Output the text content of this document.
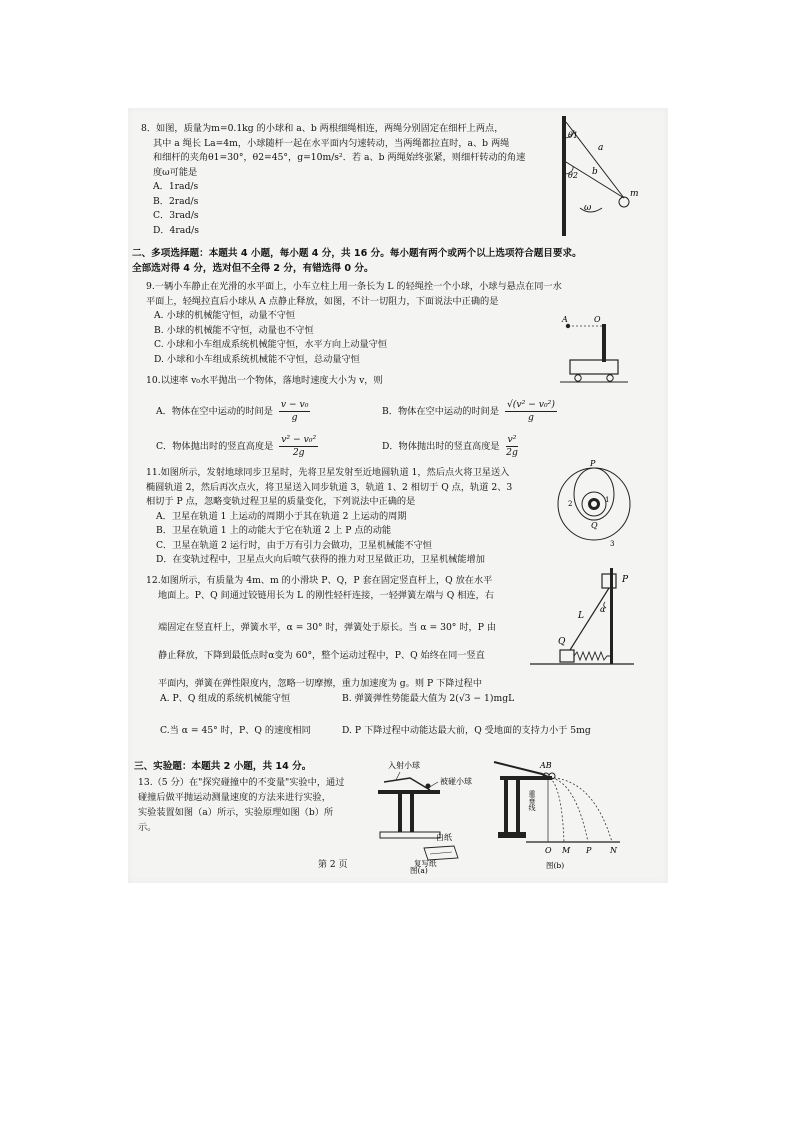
8．如图，质量为m=0.1kg 的小球和 a、b 两根细绳相连，两绳分别固定在细杆上两点，
其中 a 绳长 La=4m，小球随杆一起在水平面内匀速转动，当两绳都拉直时，a、b 两绳
和细杆的夹角θ1=30°，θ2=45°，g=10m/s²．若 a、b 两绳始终张紧，则细杆转动的角速
度ω可能是
A．1rad/s
B．2rad/s
C．3rad/s
D．4rad/s
θ1
θ2
a
b
m
ω
二、多项选择题：本题共 4 小题，每小题 4 分，共 16 分。每小题有两个或两个以上选项符合题目要求。
全部选对得 4 分，选对但不全得 2 分，有错选得 0 分。
9.一辆小车静止在光滑的水平面上，小车立柱上用一条长为 L 的轻绳拴一个小球，小球与悬点在同一水
平面上，轻绳拉直后小球从 A 点静止释放，如图，不计一切阻力，下面说法中正确的是
A. 小球的机械能守恒，动量不守恒
B. 小球的机械能不守恒，动量也不守恒
C. 小球和小车组成系统机械能守恒，水平方向上动量守恒
D. 小球和小车组成系统机械能不守恒，总动量守恒
A	O
10.以速率 v₀水平抛出一个物体，落地时速度大小为 v，则
A．物体在空中运动的时间是 $\frac{\text{v − v₀}}{g}$	B．物体在空中运动的时间是 $\frac{\text{√(v² − v₀²)}}{g}$
C．物体抛出时的竖直高度是 $\frac{\text{v² − v₀²}}{2g}$	D．物体抛出时的竖直高度是 $\frac{\text{v²}}{2g}$
11.如图所示，发射地球同步卫星时，先将卫星发射至近地圆轨道 1，然后点火将卫星送入
椭圆轨道 2，然后再次点火，将卫星送入同步轨道 3，轨道 1、2 相切于 Q 点，轨道 2、3
相切于 P 点，忽略变轨过程卫星的质量变化，下列说法中正确的是
A．卫星在轨道 1 上运动的周期小于其在轨道 2 上运动的周期
B．卫星在轨道 1 上的动能大于它在轨道 2 上 P 点的动能
C．卫星在轨道 2 运行时，由于万有引力会做功，卫星机械能不守恒
D．在变轨过程中，卫星点火向后喷气获得的推力对卫星做正功，卫星机械能增加
P
Q
1
2
3
12.如图所示，有质量为 4m、m 的小滑块 P、Q，P 套在固定竖直杆上，Q 放在水平
地面上。P、Q 间通过铰链用长为 L 的刚性轻杆连接，一轻弹簧左端与 Q 相连，右
端固定在竖直杆上，弹簧水平，α = 30° 时，弹簧处于原长。当 α = 30° 时，P 由
静止释放，下降到最低点时α变为 60°，整个运动过程中，P、Q 始终在同一竖直
平面内，弹簧在弹性限度内，忽略一切摩擦，重力加速度为 g。则 P 下降过程中
A. P、Q 组成的系统机械能守恒	B. 弹簧弹性势能最大值为 2(√3 − 1)mgL
C.当 α = 45° 时，P、Q 的速度相同	D. P 下降过程中动能达最大前，Q 受地面的支持力小于 5mg
P
Q
L
α
三、实验题：本题共 2 小题，共 14 分。
13.（5 分）在"探究碰撞中的不变量"实验中，通过
碰撞后做平抛运动测量速度的方法来进行实验，
实验装置如图（a）所示，实验原理如图（b）所
示。
入射小球
被碰小球
白纸
复写纸
图(a)
AB
重垂线
O M P N
图(b)
第 2 页
